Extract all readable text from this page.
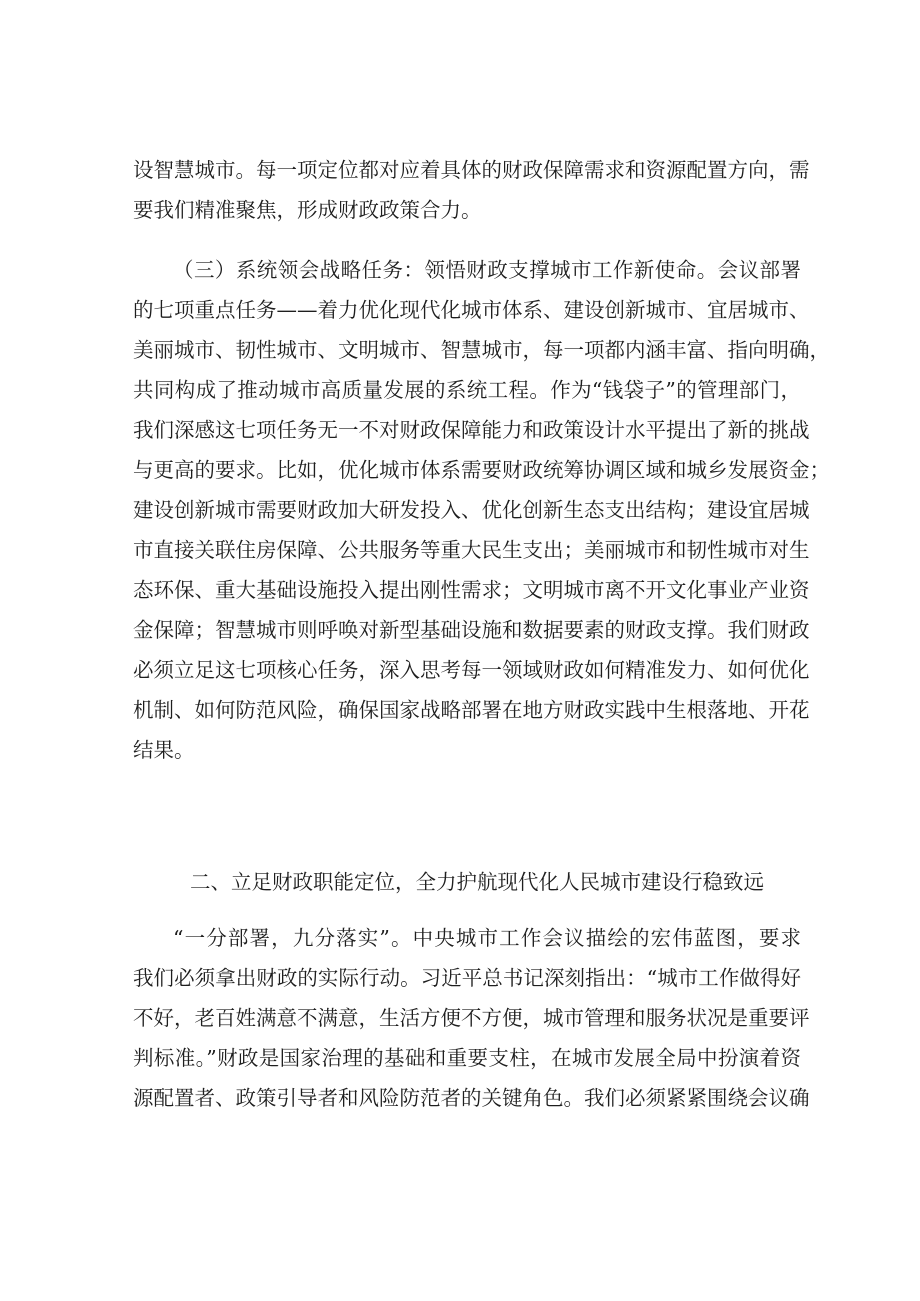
设智慧城市。每一项定位都对应着具体的财政保障需求和资源配置方向，需
要我们精准聚焦，形成财政政策合力。
（三）系统领会战略任务：领悟财政支撑城市工作新使命。会议部署
的七项重点任务——着力优化现代化城市体系、建设创新城市、宜居城市、
美丽城市、韧性城市、文明城市、智慧城市，每一项都内涵丰富、指向明确，
共同构成了推动城市高质量发展的系统工程。作为“钱袋子”的管理部门，
我们深感这七项任务无一不对财政保障能力和政策设计水平提出了新的挑战
与更高的要求。比如，优化城市体系需要财政统筹协调区域和城乡发展资金；
建设创新城市需要财政加大研发投入、优化创新生态支出结构；建设宜居城
市直接关联住房保障、公共服务等重大民生支出；美丽城市和韧性城市对生
态环保、重大基础设施投入提出刚性需求；文明城市离不开文化事业产业资
金保障；智慧城市则呼唤对新型基础设施和数据要素的财政支撑。我们财政
必须立足这七项核心任务，深入思考每一领域财政如何精准发力、如何优化
机制、如何防范风险，确保国家战略部署在地方财政实践中生根落地、开花
结果。
二、立足财政职能定位，全力护航现代化人民城市建设行稳致远
“一分部署，九分落实”。中央城市工作会议描绘的宏伟蓝图，要求
我们必须拿出财政的实际行动。习近平总书记深刻指出：“城市工作做得好
不好，老百姓满意不满意，生活方便不方便，城市管理和服务状况是重要评
判标准。”财政是国家治理的基础和重要支柱，在城市发展全局中扮演着资
源配置者、政策引导者和风险防范者的关键角色。我们必须紧紧围绕会议确
